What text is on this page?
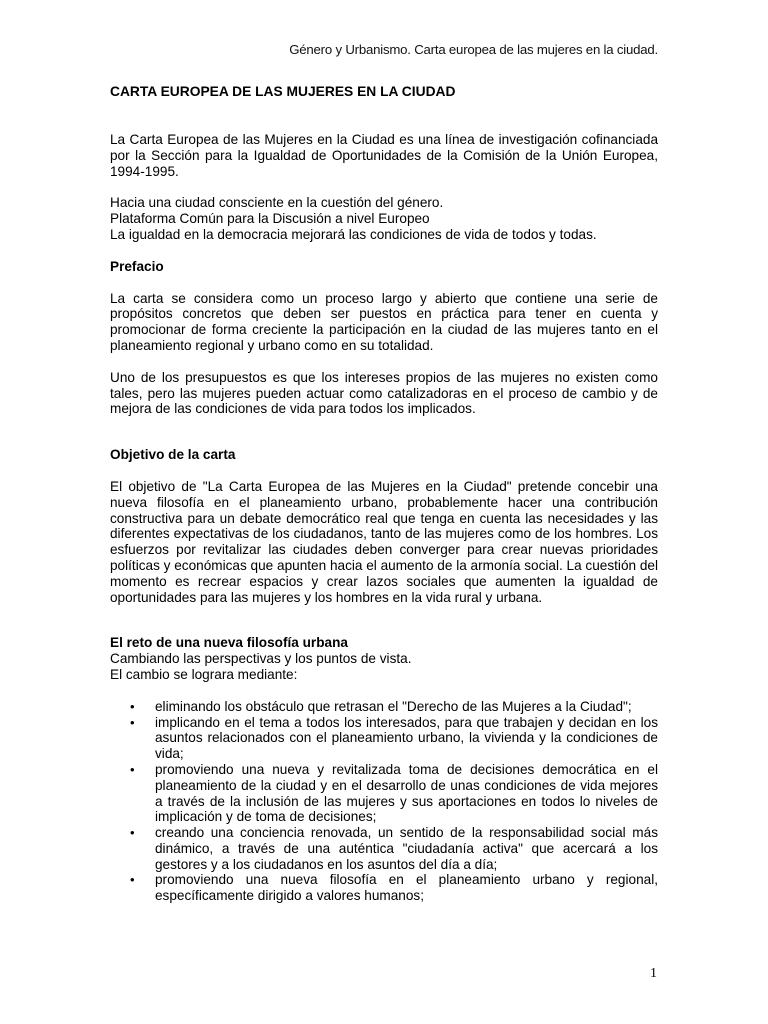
Género y Urbanismo. Carta europea de las mujeres en la ciudad.

CARTA EUROPEA DE LAS MUJERES EN LA CIUDAD

La Carta Europea de las Mujeres en la Ciudad es una línea de investigación cofinanciada por la Sección para la Igualdad de Oportunidades de la Comisión de la Unión Europea, 1994-1995.

Hacia una ciudad consciente en la cuestión del género.

Plataforma Común para la Discusión a nivel Europeo

La igualdad en la democracia mejorará las condiciones de vida de todos y todas.

Prefacio

La carta se considera como un proceso largo y abierto que contiene una serie de propósitos concretos que deben ser puestos en práctica para tener en cuenta y promocionar de forma creciente la participación en la ciudad de las mujeres tanto en el planeamiento regional y urbano como en su totalidad.

Uno de los presupuestos es que los intereses propios de las mujeres no existen como tales, pero las mujeres pueden actuar como catalizadoras en el proceso de cambio y de mejora de las condiciones de vida para todos los implicados.

Objetivo de la carta

El objetivo de "La Carta Europea de las Mujeres en la Ciudad" pretende concebir una nueva filosofía en el planeamiento urbano, probablemente hacer una contribución constructiva para un debate democrático real que tenga en cuenta las necesidades y las diferentes expectativas de los ciudadanos, tanto de las mujeres como de los hombres. Los esfuerzos por revitalizar las ciudades deben converger para crear nuevas prioridades políticas y económicas que apunten hacia el aumento de la armonía social. La cuestión del momento es recrear espacios y crear lazos sociales que aumenten la igualdad de oportunidades para las mujeres y los hombres en la vida rural y urbana.

El reto de una nueva filosofía urbana

Cambiando las perspectivas y los puntos de vista.

El cambio se lograra mediante:

• eliminando los obstáculo que retrasan el "Derecho de las Mujeres a la Ciudad";
• implicando en el tema a todos los interesados, para que trabajen y decidan en los asuntos relacionados con el planeamiento urbano, la vivienda y la condiciones de vida;
• promoviendo una nueva y revitalizada toma de decisiones democrática en el planeamiento de la ciudad y en el desarrollo de unas condiciones de vida mejores a través de la inclusión de las mujeres y sus aportaciones en todos lo niveles de implicación y de toma de decisiones;
• creando una conciencia renovada, un sentido de la responsabilidad social más dinámico, a través de una auténtica "ciudadanía activa" que acercará a los gestores y a los ciudadanos en los asuntos del día a día;
• promoviendo una nueva filosofía en el planeamiento urbano y regional, específicamente dirigido a valores humanos;
1
